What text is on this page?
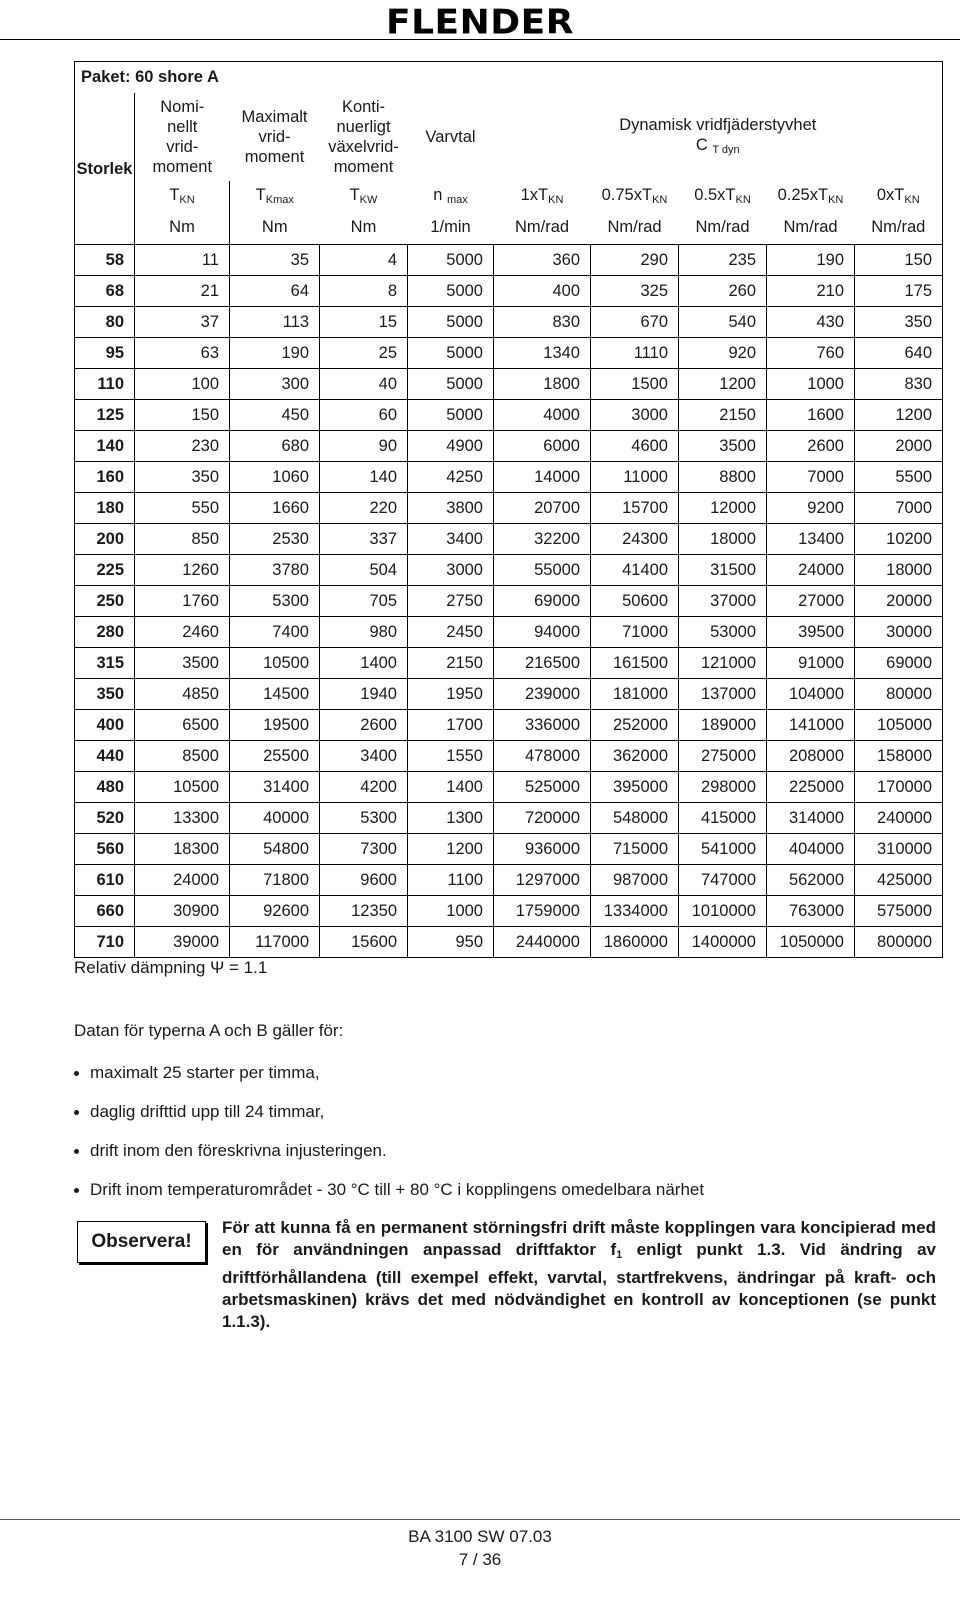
FLENDER
Paket: 60 shore A									
Storlek	Nomi-
nellt
vrid-
moment	Maximalt
vrid-
moment	Konti-
nuerligt
växelvrid-
moment	Varvtal	Dynamisk vridfjäderstyvhet
C $_{T dyn}$
	$T_{KN}$	$T_{Kmax}$	$T_{KW}$	n $_{max}$	$1xT_{KN}$	$0.75xT_{KN}$	$0.5xT_{KN}$	$0.25xT_{KN}$	$0xT_{KN}$
	Nm	Nm	Nm	1/min	Nm/rad	Nm/rad	Nm/rad	Nm/rad	Nm/rad
58	11	35	4	5000	360	290	235	190	150
68	21	64	8	5000	400	325	260	210	175
80	37	113	15	5000	830	670	540	430	350
95	63	190	25	5000	1340	1110	920	760	640
110	100	300	40	5000	1800	1500	1200	1000	830
125	150	450	60	5000	4000	3000	2150	1600	1200
140	230	680	90	4900	6000	4600	3500	2600	2000
160	350	1060	140	4250	14000	11000	8800	7000	5500
180	550	1660	220	3800	20700	15700	12000	9200	7000
200	850	2530	337	3400	32200	24300	18000	13400	10200
225	1260	3780	504	3000	55000	41400	31500	24000	18000
250	1760	5300	705	2750	69000	50600	37000	27000	20000
280	2460	7400	980	2450	94000	71000	53000	39500	30000
315	3500	10500	1400	2150	216500	161500	121000	91000	69000
350	4850	14500	1940	1950	239000	181000	137000	104000	80000
400	6500	19500	2600	1700	336000	252000	189000	141000	105000
440	8500	25500	3400	1550	478000	362000	275000	208000	158000
480	10500	31400	4200	1400	525000	395000	298000	225000	170000
520	13300	40000	5300	1300	720000	548000	415000	314000	240000
560	18300	54800	7300	1200	936000	715000	541000	404000	310000
610	24000	71800	9600	1100	1297000	987000	747000	562000	425000
660	30900	92600	12350	1000	1759000	1334000	1010000	763000	575000
710	39000	117000	15600	950	2440000	1860000	1400000	1050000	800000
Relativ dämpning Ψ = 1.1
Datan för typerna A och B gäller för:
maximalt 25 starter per timma,
daglig drifttid upp till 24 timmar,
drift inom den föreskrivna injusteringen.
Drift inom temperaturområdet - 30 °C till + 80 °C i kopplingens omedelbara närhet
Observera!
För att kunna få en permanent störningsfri drift måste kopplingen vara koncipierad med en för användningen anpassad driftfaktor $f_1$ enligt punkt 1.3. Vid ändring av driftförhållandena (till exempel effekt, varvtal, startfrekvens, ändringar på kraft- och arbetsmaskinen) krävs det med nödvändighet en kontroll av konceptionen (se punkt 1.1.3).
BA 3100 SW 07.03
7 / 36
